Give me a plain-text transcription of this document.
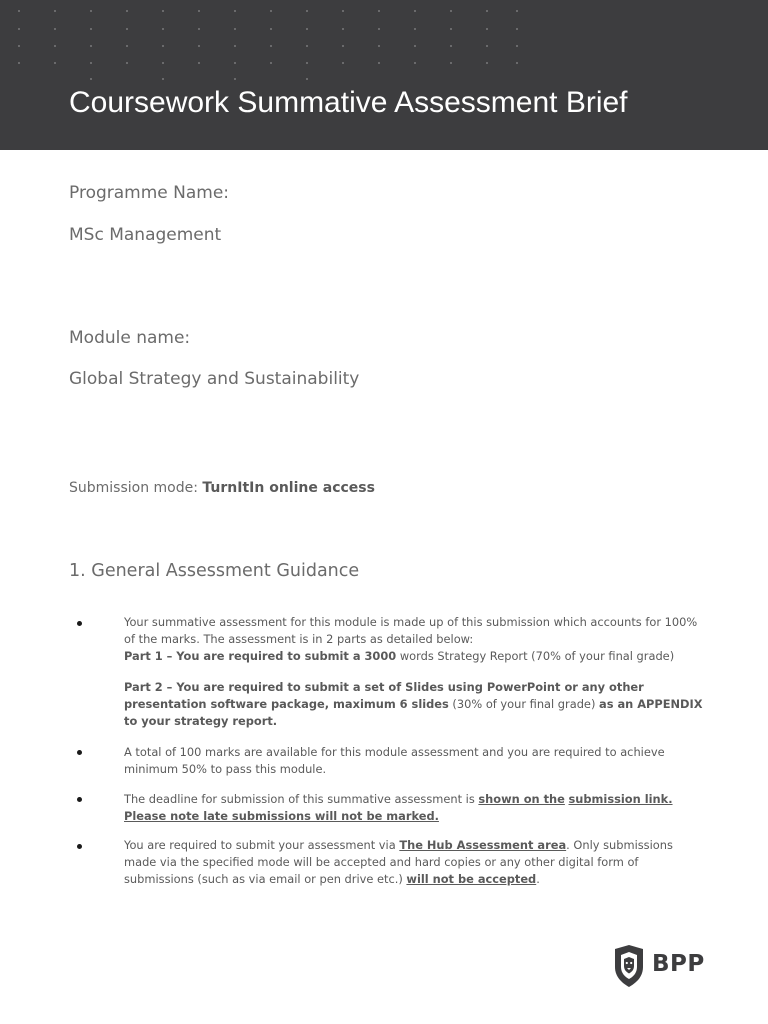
Coursework Summative Assessment Brief
Programme Name:
MSc Management
Module name:
Global Strategy and Sustainability
Submission mode: TurnItIn online access
1. General Assessment Guidance
Your summative assessment for this module is made up of this submission which accounts for 100% of the marks. The assessment is in 2 parts as detailed below:
Part 1 – You are required to submit a 3000 words Strategy Report (70% of your final grade)
Part 2 – You are required to submit a set of Slides using PowerPoint or any other presentation software package, maximum 6 slides (30% of your final grade) as an APPENDIX to your strategy report.
A total of 100 marks are available for this module assessment and you are required to achieve minimum 50% to pass this module.
The deadline for submission of this summative assessment is shown on the submission link. Please note late submissions will not be marked.
You are required to submit your assessment via The Hub Assessment area. Only submissions made via the specified mode will be accepted and hard copies or any other digital form of submissions (such as via email or pen drive etc.) will not be accepted.
BPP
